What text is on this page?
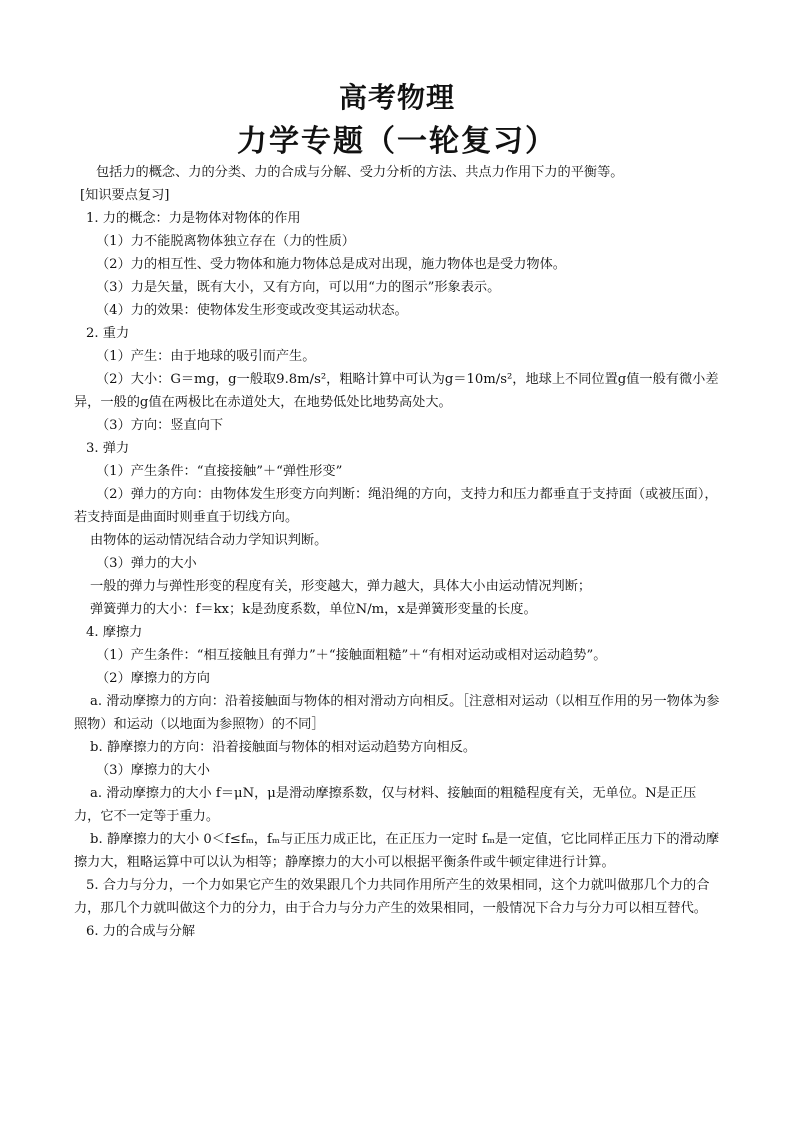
高考物理
力学专题（一轮复习）

包括力的概念、力的分类、力的合成与分解、受力分析的方法、共点力作用下力的平衡等。

[知识要点复习]

1. 力的概念：力是物体对物体的作用

（1）力不能脱离物体独立存在（力的性质）

（2）力的相互性、受力物体和施力物体总是成对出现，施力物体也是受力物体。

（3）力是矢量，既有大小，又有方向，可以用“力的图示”形象表示。

（4）力的效果：使物体发生形变或改变其运动状态。

2. 重力

（1）产生：由于地球的吸引而产生。

（2）大小：G＝mg，g一般取9.8m/s²，粗略计算中可认为g＝10m/s²，地球上不同位置g值一般有微小差异，一般的g值在两极比在赤道处大，在地势低处比地势高处大。

（3）方向：竖直向下

3. 弹力

（1）产生条件：“直接接触”＋“弹性形变”

（2）弹力的方向：由物体发生形变方向判断：绳沿绳的方向，支持力和压力都垂直于支持面（或被压面），若支持面是曲面时则垂直于切线方向。

由物体的运动情况结合动力学知识判断。

（3）弹力的大小

一般的弹力与弹性形变的程度有关，形变越大，弹力越大，具体大小由运动情况判断；

弹簧弹力的大小：f＝kx；k是劲度系数，单位N/m，x是弹簧形变量的长度。

4. 摩擦力

（1）产生条件：“相互接触且有弹力”＋“接触面粗糙”＋“有相对运动或相对运动趋势”。

（2）摩擦力的方向

a. 滑动摩擦力的方向：沿着接触面与物体的相对滑动方向相反。［注意相对运动（以相互作用的另一物体为参照物）和运动（以地面为参照物）的不同］

b. 静摩擦力的方向：沿着接触面与物体的相对运动趋势方向相反。

（3）摩擦力的大小

a. 滑动摩擦力的大小 f＝μN，μ是滑动摩擦系数，仅与材料、接触面的粗糙程度有关，无单位。N是正压力，它不一定等于重力。

b. 静摩擦力的大小 0＜f≤fₘ，fₘ与正压力成正比，在正压力一定时 fₘ是一定值，它比同样正压力下的滑动摩擦力大，粗略运算中可以认为相等；静摩擦力的大小可以根据平衡条件或牛顿定律进行计算。

5. 合力与分力，一个力如果它产生的效果跟几个力共同作用所产生的效果相同，这个力就叫做那几个力的合力，那几个力就叫做这个力的分力，由于合力与分力产生的效果相同，一般情况下合力与分力可以相互替代。

6. 力的合成与分解
